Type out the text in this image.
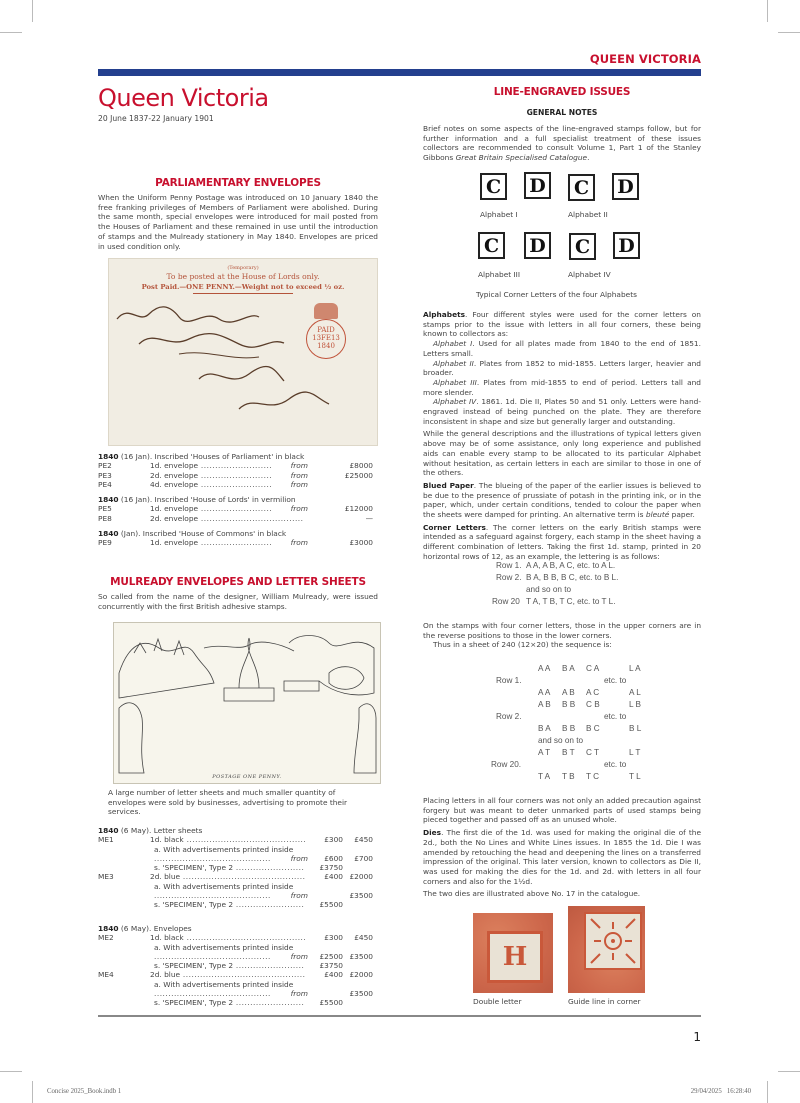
QUEEN VICTORIA
Queen Victoria
20 June 1837-22 January 1901
PARLIAMENTARY ENVELOPES
When the Uniform Penny Postage was introduced on 10 January 1840 the free franking privileges of Members of Parliament were abolished. During the same month, special envelopes were introduced for mail posted from the Houses of Parliament and these remained in use until the introduction of stamps and the Mulready stationery in May 1840. Envelopes are priced in used condition only.
(Temporary)
To be posted at the House of Lords only.
Post Paid.—ONE PENNY.—Weight not to exceed ½ oz.
PAID
13FE13
1840
1840 (16 Jan). Inscribed 'Houses of Parliament' in black
PE2	1d. envelope .....	from	£8000
PE3	2d. envelope .....	from	£25000
PE4	4d. envelope .....	from
1840 (16 Jan). Inscribed 'House of Lords' in vermilion
PE5	1d. envelope .....	from	£12000
PE8	2d. envelope .....	—
1840 (Jan). Inscribed 'House of Commons' in black
PE9	1d. envelope .....	from	£3000
MULREADY ENVELOPES AND LETTER SHEETS
So called from the name of the designer, William Mulready, were issued concurrently with the first British adhesive stamps.
POSTAGE ONE PENNY.
A large number of letter sheets and much smaller quantity of envelopes were sold by businesses, advertising to promote their services.
1840 (6 May). Letter sheets
ME1	1d. black .....	£300	£450
a. With advertisements printed inside
.....
from	£600	£700
s. 'SPECIMEN', Type 2 .....	£3750
ME3	2d. blue .....	£400 £2000
a. With advertisements printed inside
.....
from	£3500
s. 'SPECIMEN', Type 2 .....	£5500
1840 (6 May). Envelopes
ME2	1d. black .....	£300	£450
a. With advertisements printed inside
.....
from	£2500 £3500
s. 'SPECIMEN', Type 2 .....	£3750
ME4	2d. blue .....	£400 £2000
a. With advertisements printed inside
.....
from	£3500
s. 'SPECIMEN', Type 2 .....	£5500
LINE-ENGRAVED ISSUES
GENERAL NOTES
Brief notes on some aspects of the line-engraved stamps follow, but for further information and a full specialist treatment of these issues collectors are recommended to consult Volume 1, Part 1 of the Stanley Gibbons Great Britain Specialised Catalogue.
C	D	C	D
Alphabet I	Alphabet II
C	D	C	D
Alphabet III	Alphabet IV
Typical Corner Letters of the four Alphabets

Alphabets. Four different styles were used for the corner letters on stamps prior to the issue with letters in all four corners, these being known to collectors as:

Alphabet I. Used for all plates made from 1840 to the end of 1851. Letters small.

Alphabet II. Plates from 1852 to mid-1855. Letters larger, heavier and broader.

Alphabet III. Plates from mid-1855 to end of period. Letters tall and more slender.

Alphabet IV. 1861. 1d. Die II, Plates 50 and 51 only. Letters were hand-engraved instead of being punched on the plate. They are therefore inconsistent in shape and size but generally larger and outstanding.

While the general descriptions and the illustrations of typical letters given above may be of some assistance, only long experience and published aids can enable every stamp to be allocated to its particular Alphabet without hesitation, as certain letters in each are similar to those in one of the others.

Blued Paper. The blueing of the paper of the earlier issues is believed to be due to the presence of prussiate of potash in the printing ink, or in the paper, which, under certain conditions, tended to colour the paper when the sheets were damped for printing. An alternative term is bleuté paper.

Corner Letters. The corner letters on the early British stamps were intended as a safeguard against forgery, each stamp in the sheet having a different combination of letters. Taking the first 1d. stamp, printed in 20 horizontal rows of 12, as an example, the lettering is as follows:

Row 1. A A, A B, A C, etc. to A L.
Row 2. B A, B B, B C, etc. to B L.
and so on to
Row 20 T A, T B, T C, etc. to T L.
On the stamps with four corner letters, those in the upper corners are in the reverse positions to those in the lower corners.
Thus in a sheet of 240 (12×20) the sequence is:
A A B A C A	L A
Row 1.	etc. to
A A A B A C	A L
A B B B C B	L B
Row 2.	etc. to
B A B B B C	B L
and so on to
A T B T C T	L T
Row 20.	etc. to
T A T B T C	T L

Placing letters in all four corners was not only an added precaution against forgery but was meant to deter unmarked parts of used stamps being pieced together and passed off as an unused whole.

Dies. The first die of the 1d. was used for making the original die of the 2d., both the No Lines and White Lines issues. In 1855 the 1d. Die I was amended by retouching the head and deepening the lines on a transferred impression of the original. This later version, known to collectors as Die II, was used for making the dies for the 1d. and 2d. with letters in all four corners and also for the 1½d.

The two dies are illustrated above No. 17 in the catalogue.

H
Double letter	Guide line in corner
1
Concise 2025_Book.indb 1	29/04/2025   16:28:40
